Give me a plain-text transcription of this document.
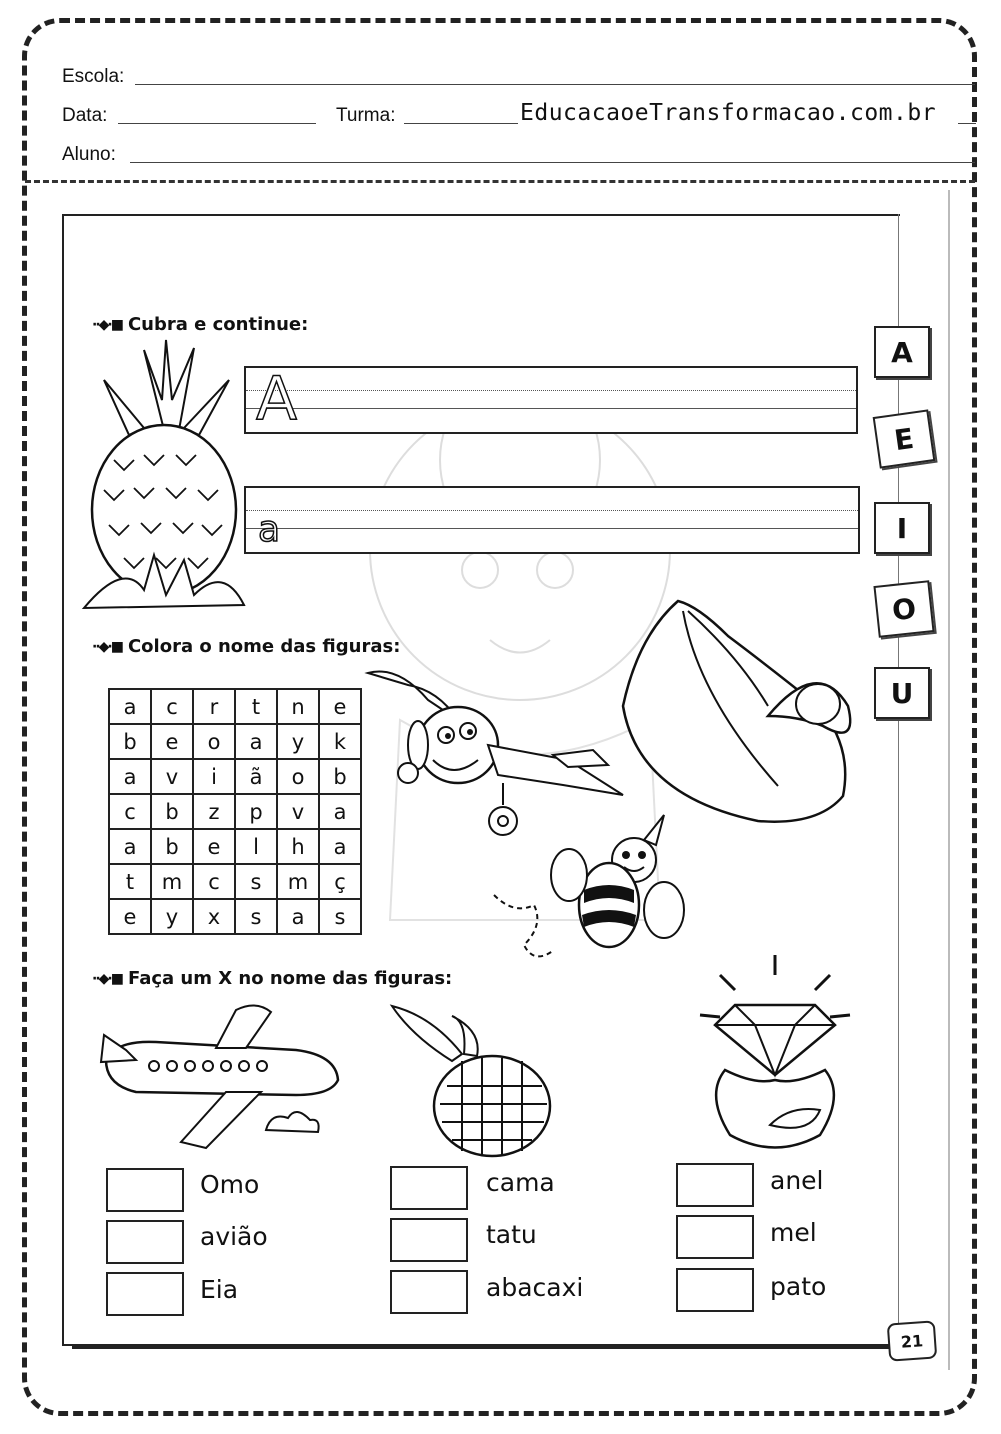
Escola:
Data:	Turma:	EducacaoeTransformacao.com.br
Aluno:
A
E
I
O
U
··◆·■ Cubra e continue:
A
a
··◆·■ Colora o nome das figuras:
a	c	r	t	n	e
b	e	o	a	y	k
a	v	i	ã	o	b
c	b	z	p	v	a
a	b	e	l	h	a
t	m	c	s	m	ç
e	y	x	s	a	s
··◆·■ Faça um X no nome das figuras:
Omo
avião
Eia
cama
tatu
abacaxi
anel
mel
pato
21
